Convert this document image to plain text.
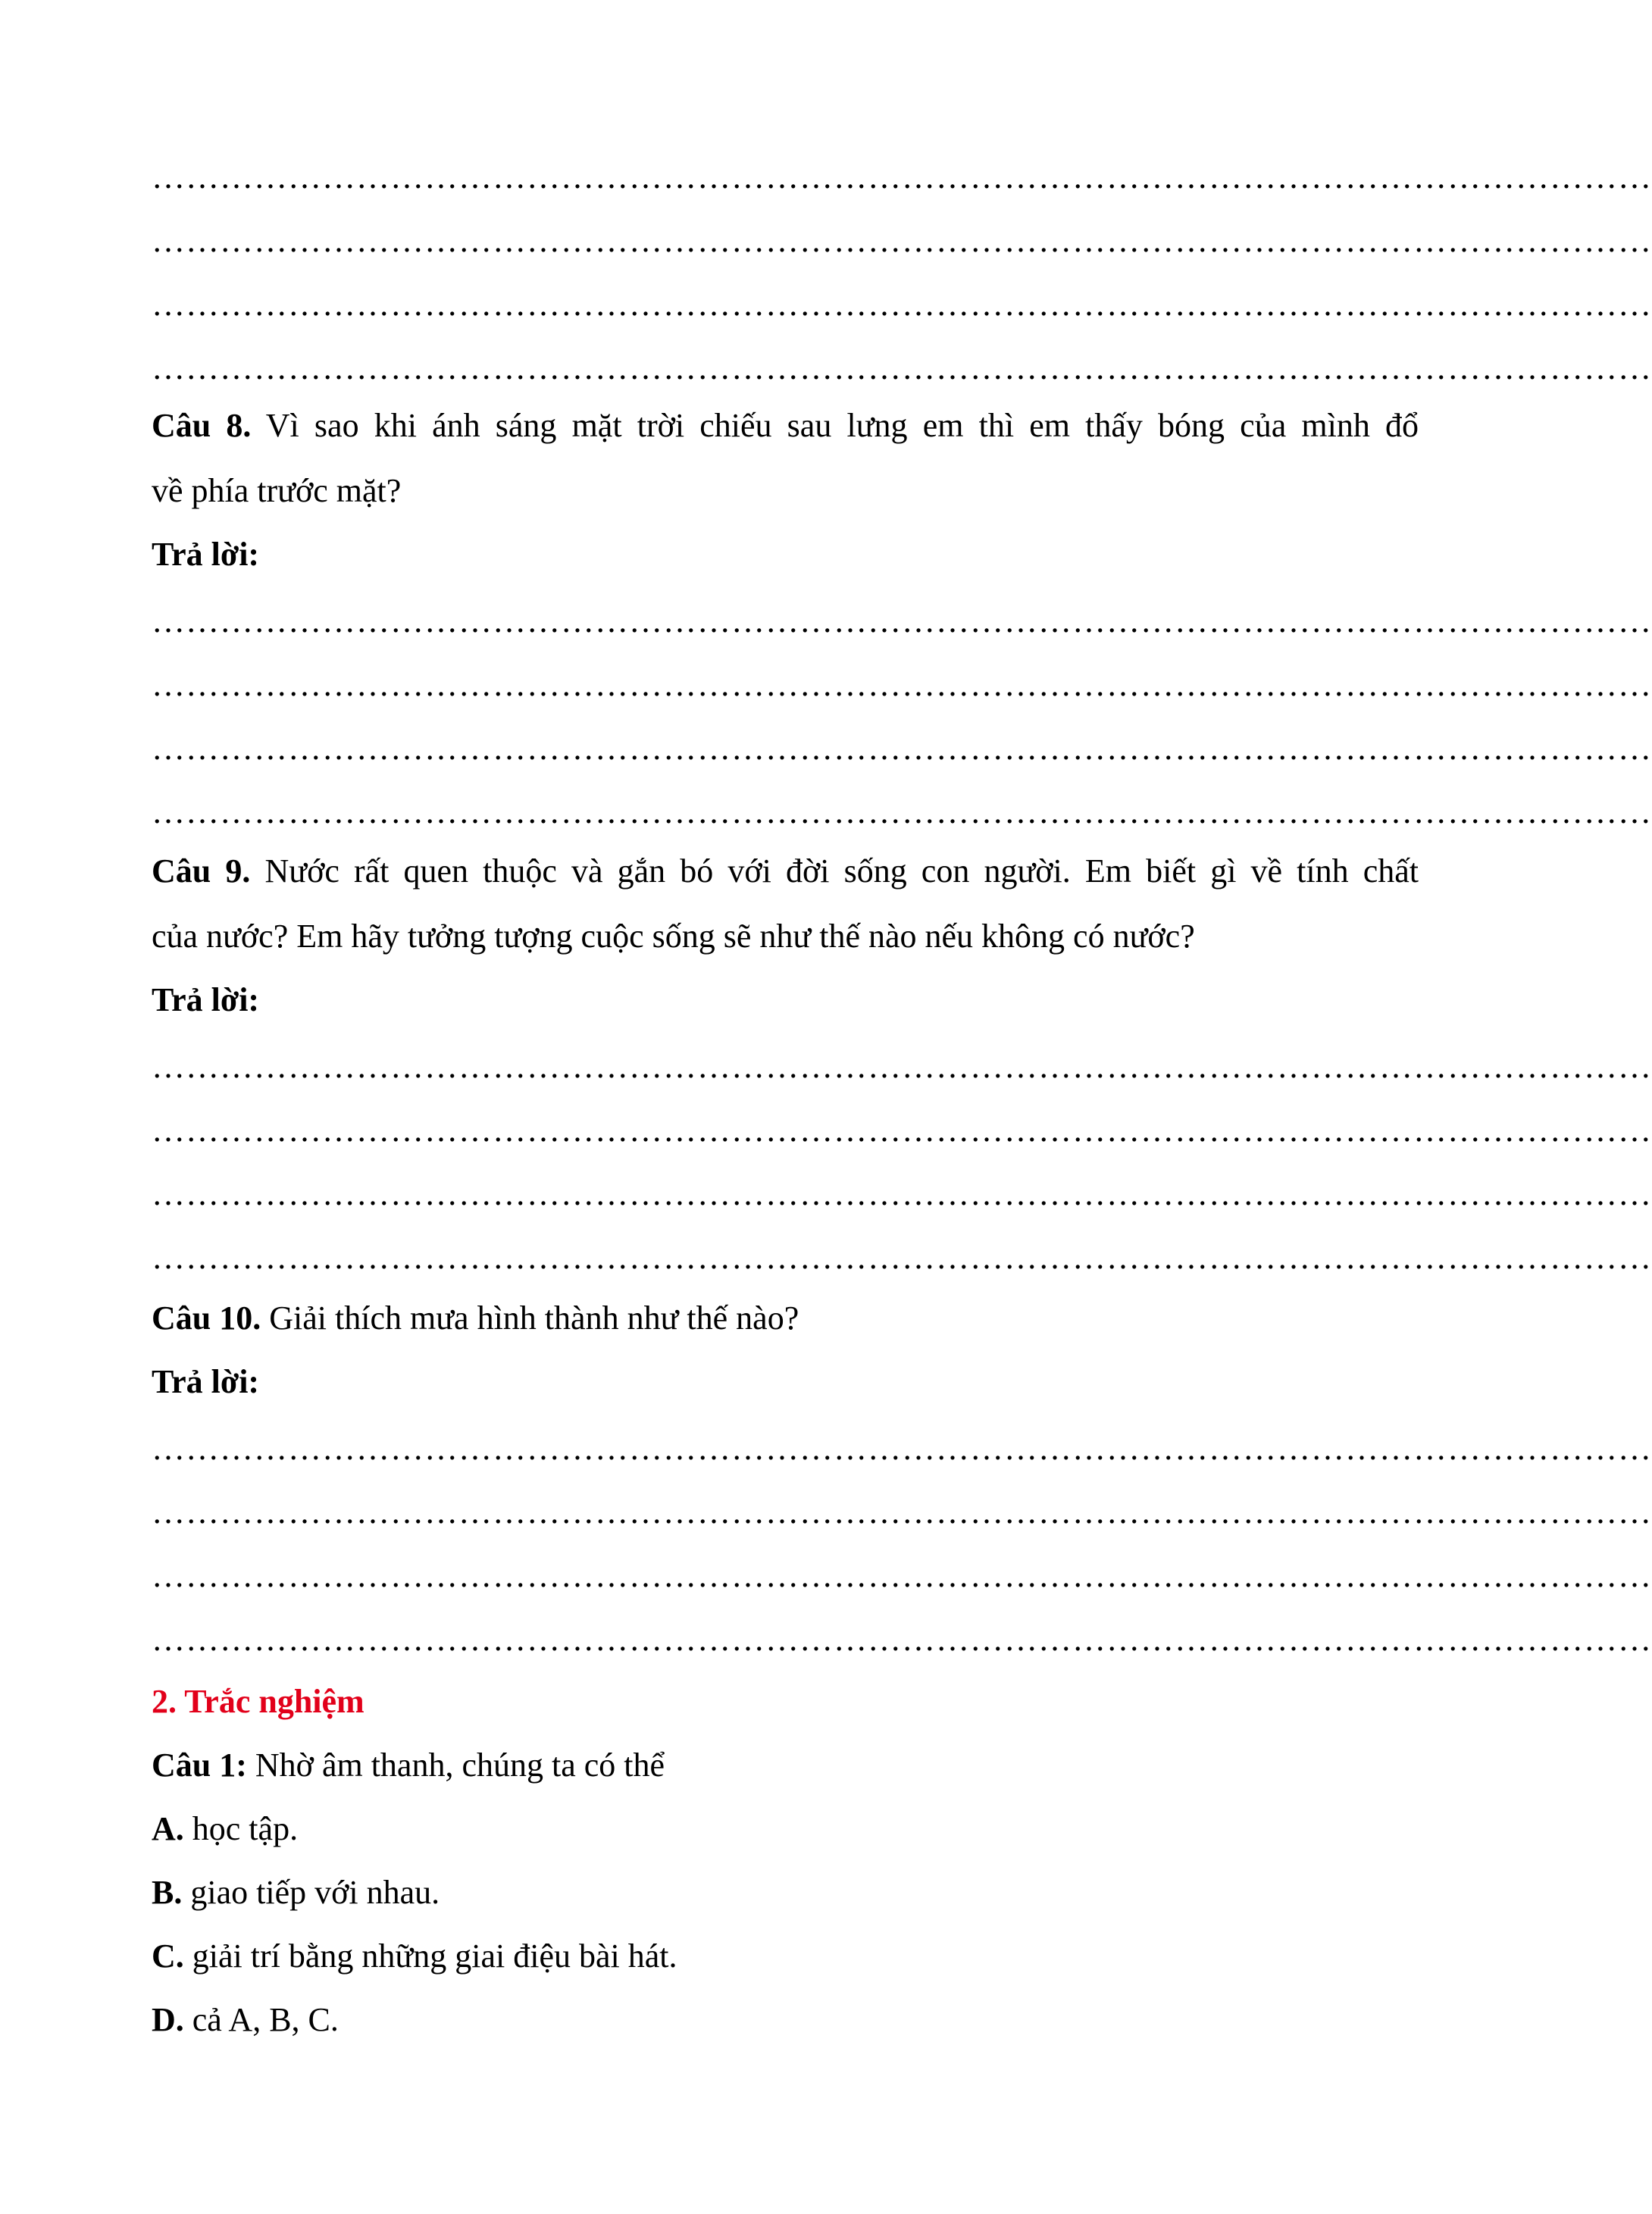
……………………………………………………………………………………………………………………
……………………………………………………………………………………………………………………
……………………………………………………………………………………………………………………
……………………………………………………………………………………………………………………
Câu 8. Vì sao khi ánh sáng mặt trời chiếu sau lưng em thì em thấy bóng của mình đổ
về phía trước mặt?
Trả lời:
……………………………………………………………………………………………………………………
……………………………………………………………………………………………………………………
……………………………………………………………………………………………………………………
……………………………………………………………………………………………………………………
Câu 9. Nước rất quen thuộc và gắn bó với đời sống con người. Em biết gì về tính chất
của nước? Em hãy tưởng tượng cuộc sống sẽ như thế nào nếu không có nước?
Trả lời:
……………………………………………………………………………………………………………………
……………………………………………………………………………………………………………………
……………………………………………………………………………………………………………………
……………………………………………………………………………………………………………………
Câu 10. Giải thích mưa hình thành như thế nào?
Trả lời:
……………………………………………………………………………………………………………………
……………………………………………………………………………………………………………………
……………………………………………………………………………………………………………………
……………………………………………………………………………………………………………………
2. Trắc nghiệm
Câu 1: Nhờ âm thanh, chúng ta có thể
A. học tập.
B. giao tiếp với nhau.
C. giải trí bằng những giai điệu bài hát.
D. cả A, B, C.
